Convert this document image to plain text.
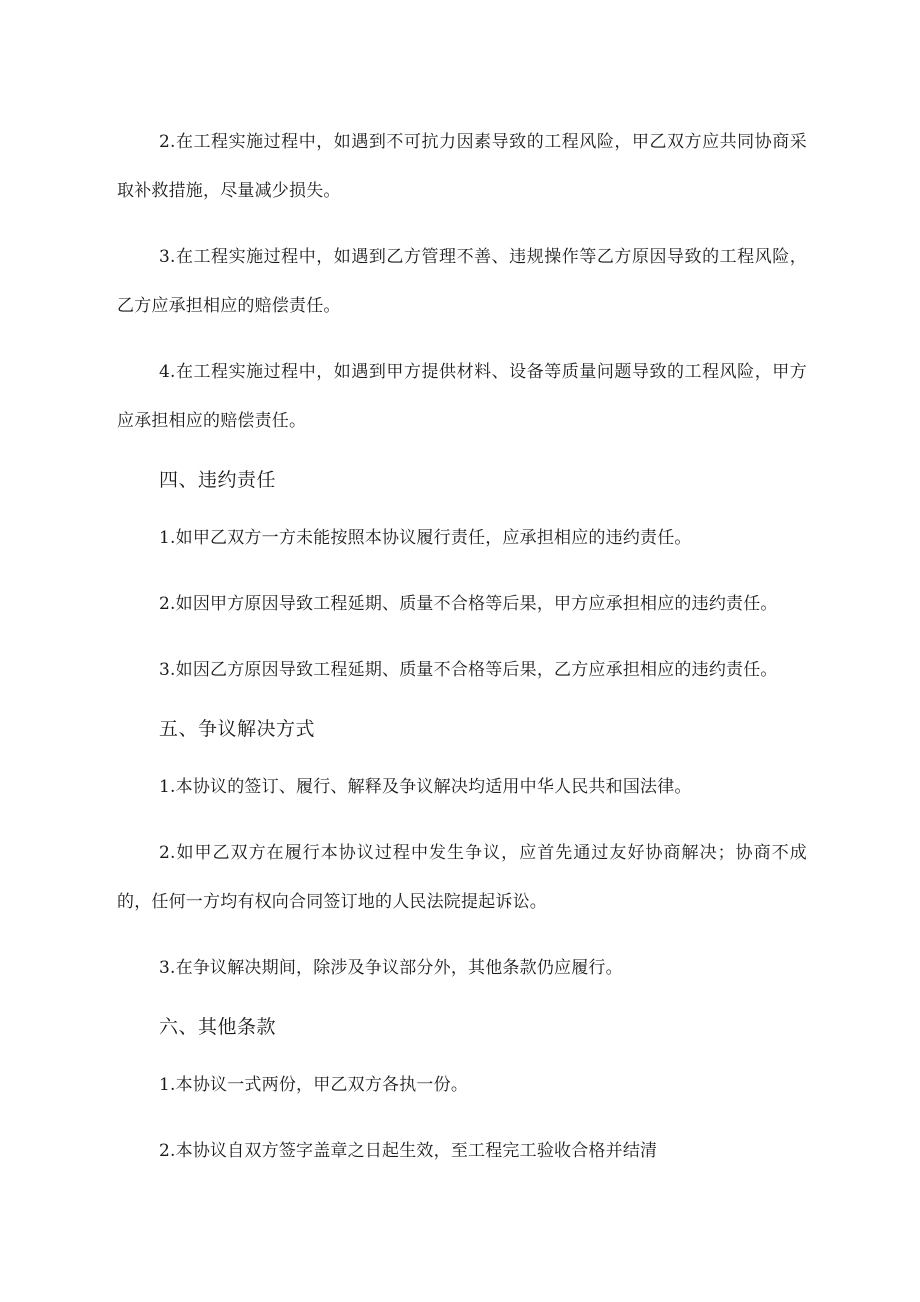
2.在工程实施过程中，如遇到不可抗力因素导致的工程风险，甲乙双方应共同协商采取补救措施，尽量减少损失。

3.在工程实施过程中，如遇到乙方管理不善、违规操作等乙方原因导致的工程风险，乙方应承担相应的赔偿责任。

4.在工程实施过程中，如遇到甲方提供材料、设备等质量问题导致的工程风险，甲方应承担相应的赔偿责任。

四、违约责任

1.如甲乙双方一方未能按照本协议履行责任，应承担相应的违约责任。

2.如因甲方原因导致工程延期、质量不合格等后果，甲方应承担相应的违约责任。

3.如因乙方原因导致工程延期、质量不合格等后果，乙方应承担相应的违约责任。

五、争议解决方式

1.本协议的签订、履行、解释及争议解决均适用中华人民共和国法律。

2.如甲乙双方在履行本协议过程中发生争议，应首先通过友好协商解决；协商不成的，任何一方均有权向合同签订地的人民法院提起诉讼。

3.在争议解决期间，除涉及争议部分外，其他条款仍应履行。

六、其他条款

1.本协议一式两份，甲乙双方各执一份。

2.本协议自双方签字盖章之日起生效，至工程完工验收合格并结清
